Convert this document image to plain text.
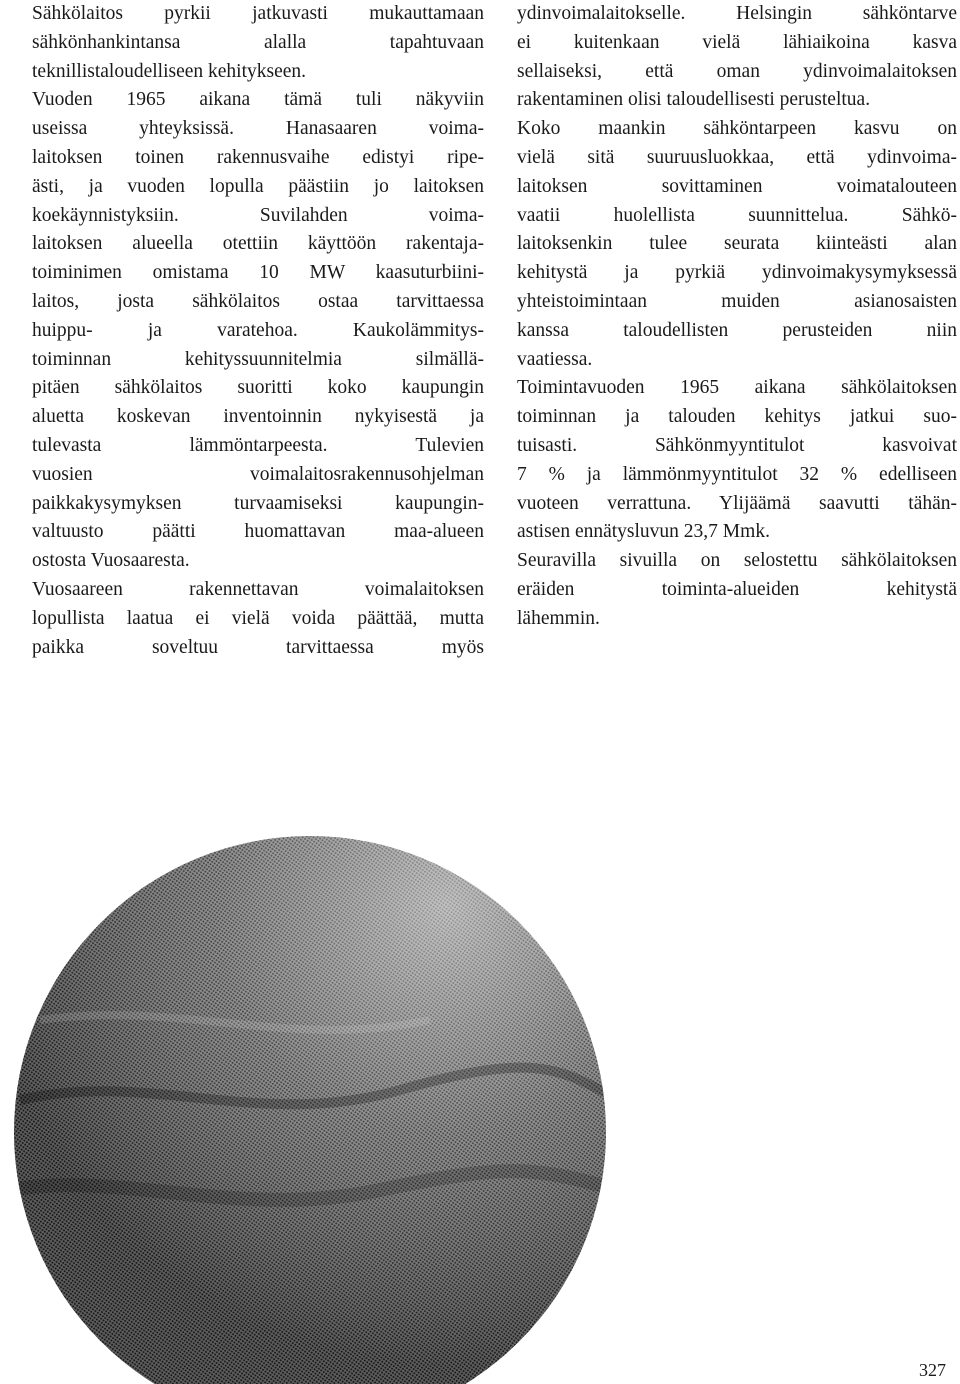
Sähkölaitos pyrkii jatkuvasti mukauttamaan
sähkönhankintansa alalla tapahtuvaan
teknillistaloudelliseen kehitykseen.
Vuoden 1965 aikana tämä tuli näkyviin
useissa yhteyksissä. Hanasaaren voima-
laitoksen toinen rakennusvaihe edistyi ripe-
ästi, ja vuoden lopulla päästiin jo laitoksen
koekäynnistyksiin. Suvilahden voima-
laitoksen alueella otettiin käyttöön rakentaja-
toiminimen omistama 10 MW kaasuturbiini-
laitos, josta sähkölaitos ostaa tarvittaessa
huippu- ja varatehoa. Kaukolämmitys-
toiminnan kehityssuunnitelmia silmällä-
pitäen sähkölaitos suoritti koko kaupungin
aluetta koskevan inventoinnin nykyisestä ja
tulevasta lämmöntarpeesta. Tulevien
vuosien voimalaitosrakennusohjelman
paikkakysymyksen turvaamiseksi kaupungin-
valtuusto päätti huomattavan maa-alueen
ostosta Vuosaaresta.
Vuosaareen rakennettavan voimalaitoksen
lopullista laatua ei vielä voida päättää, mutta
paikka soveltuu tarvittaessa myös
ydinvoimalaitokselle. Helsingin sähköntarve
ei kuitenkaan vielä lähiaikoina kasva
sellaiseksi, että oman ydinvoimalaitoksen
rakentaminen olisi taloudellisesti perusteltua.
Koko maankin sähköntarpeen kasvu on
vielä sitä suuruusluokkaa, että ydinvoima-
laitoksen sovittaminen voimatalouteen
vaatii huolellista suunnittelua. Sähkö-
laitoksenkin tulee seurata kiinteästi alan
kehitystä ja pyrkiä ydinvoimakysymyksessä
yhteistoimintaan muiden asianosaisten
kanssa taloudellisten perusteiden niin
vaatiessa.
Toimintavuoden 1965 aikana sähkölaitoksen
toiminnan ja talouden kehitys jatkui suo-
tuisasti. Sähkönmyyntitulot kasvoivat
7 % ja lämmönmyyntitulot 32 % edelliseen
vuoteen verrattuna. Ylijäämä saavutti tähän-
astisen ennätysluvun 23,7 Mmk.
Seuravilla sivuilla on selostettu sähkölaitoksen
eräiden toiminta-alueiden kehitystä
lähemmin.
327
